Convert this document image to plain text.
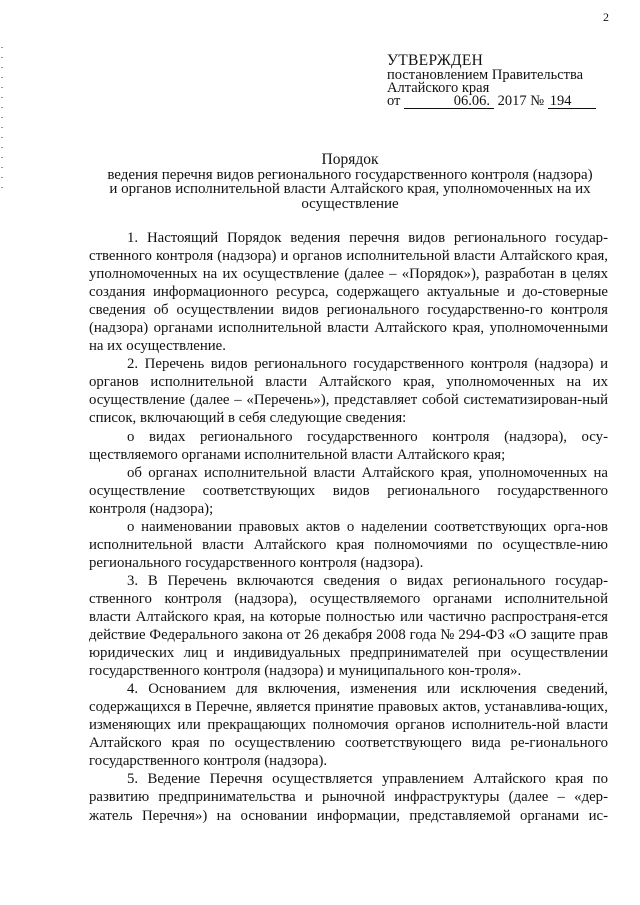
2
УТВЕРЖДЕН
постановлением Правительства
Алтайского края
от	06.06. 2017 № 194
Порядок
ведения перечня видов регионального государственного контроля (надзора)
и органов исполнительной власти Алтайского края, уполномоченных на их
осуществление

1. Настоящий Порядок ведения перечня видов регионального государ-ственного контроля (надзора) и органов исполнительной власти Алтайского края, уполномоченных на их осуществление (далее – «Порядок»), разработан в целях создания информационного ресурса, содержащего актуальные и до-стоверные сведения об осуществлении видов регионального государственно-го контроля (надзора) органами исполнительной власти Алтайского края, уполномоченными на их осуществление.

2. Перечень видов регионального государственного контроля (надзора) и органов исполнительной власти Алтайского края, уполномоченных на их осуществление (далее – «Перечень»), представляет собой систематизирован-ный список, включающий в себя следующие сведения:

о видах регионального государственного контроля (надзора), осу-ществляемого органами исполнительной власти Алтайского края;

об органах исполнительной власти Алтайского края, уполномоченных на осуществление соответствующих видов регионального государственного контроля (надзора);

о наименовании правовых актов о наделении соответствующих орга-нов исполнительной власти Алтайского края полномочиями по осуществле-нию регионального государственного контроля (надзора).

3. В Перечень включаются сведения о видах регионального государ-ственного контроля (надзора), осуществляемого органами исполнительной власти Алтайского края, на которые полностью или частично распространя-ется действие Федерального закона от 26 декабря 2008 года № 294-ФЗ «О защите прав юридических лиц и индивидуальных предпринимателей при осуществлении государственного контроля (надзора) и муниципального кон-троля».

4. Основанием для включения, изменения или исключения сведений, содержащихся в Перечне, является принятие правовых актов, устанавлива-ющих, изменяющих или прекращающих полномочия органов исполнитель-ной власти Алтайского края по осуществлению соответствующего вида ре-гионального государственного контроля (надзора).

5. Ведение Перечня осуществляется управлением Алтайского края по развитию предпринимательства и рыночной инфраструктуры (далее – «дер-жатель Перечня») на основании информации, представляемой органами ис-
